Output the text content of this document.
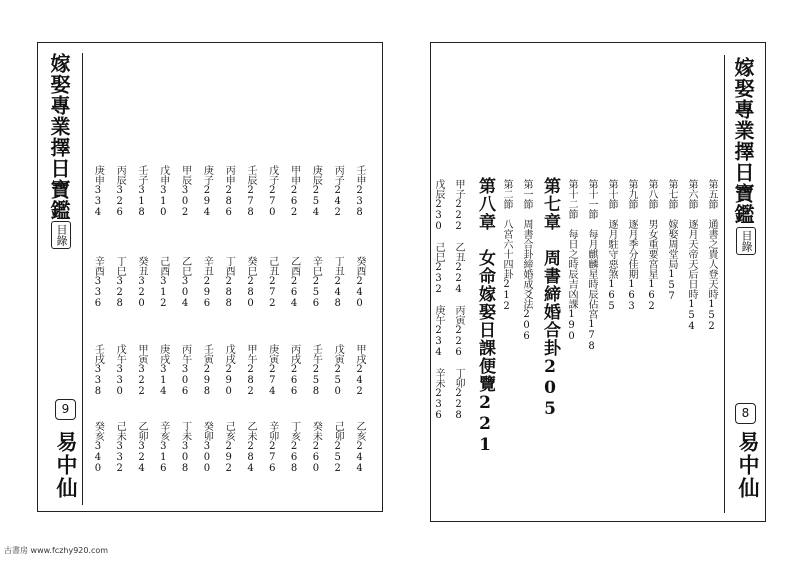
嫁娶專業擇日寶鑑
目錄
9
易中仙
壬申238
癸酉240
甲戌242
乙亥244
丙子242
丁丑248
戊寅250
己卯252
庚辰254
辛巳256
壬午258
癸未260
甲申262
乙酉264
丙戌266
丁亥268
戊子270
己丑272
庚寅274
辛卯276
壬辰278
癸巳280
甲午282
乙未284
丙申286
丁酉288
戊戌290
己亥292
庚子294
辛丑296
壬寅298
癸卯300
甲辰302
乙巳304
丙午306
丁未308
戊申310
己酉312
庚戌314
辛亥316
壬子318
癸丑320
甲寅322
乙卯324
丙辰326
丁巳328
戊午330
己未332
庚申334
辛酉336
壬戌338
癸亥340
嫁娶專業擇日寶鑑
目錄
8
易中仙
第五節　通書之貴人登天時152
第六節　逐月天帝天后日時154
第七節　嫁娶周堂局157
第八節　男女重要宮星162
第九節　逐月季分佳期163
第十節　逐月駐守惡煞165
第十一節　每月麒麟星時辰佔宮178
第十二節　每日之時辰吉凶課190
第七章　周書締婚合卦205
第一節　周書合卦締婚成爻法206
第二節　八宮六十四卦212
第八章　女命嫁娶日課便覽221
甲子222　乙丑224　丙寅226　丁卯228
戊辰230　己巳232　庚午234　辛未236
古書房 www.fczhy920.com
